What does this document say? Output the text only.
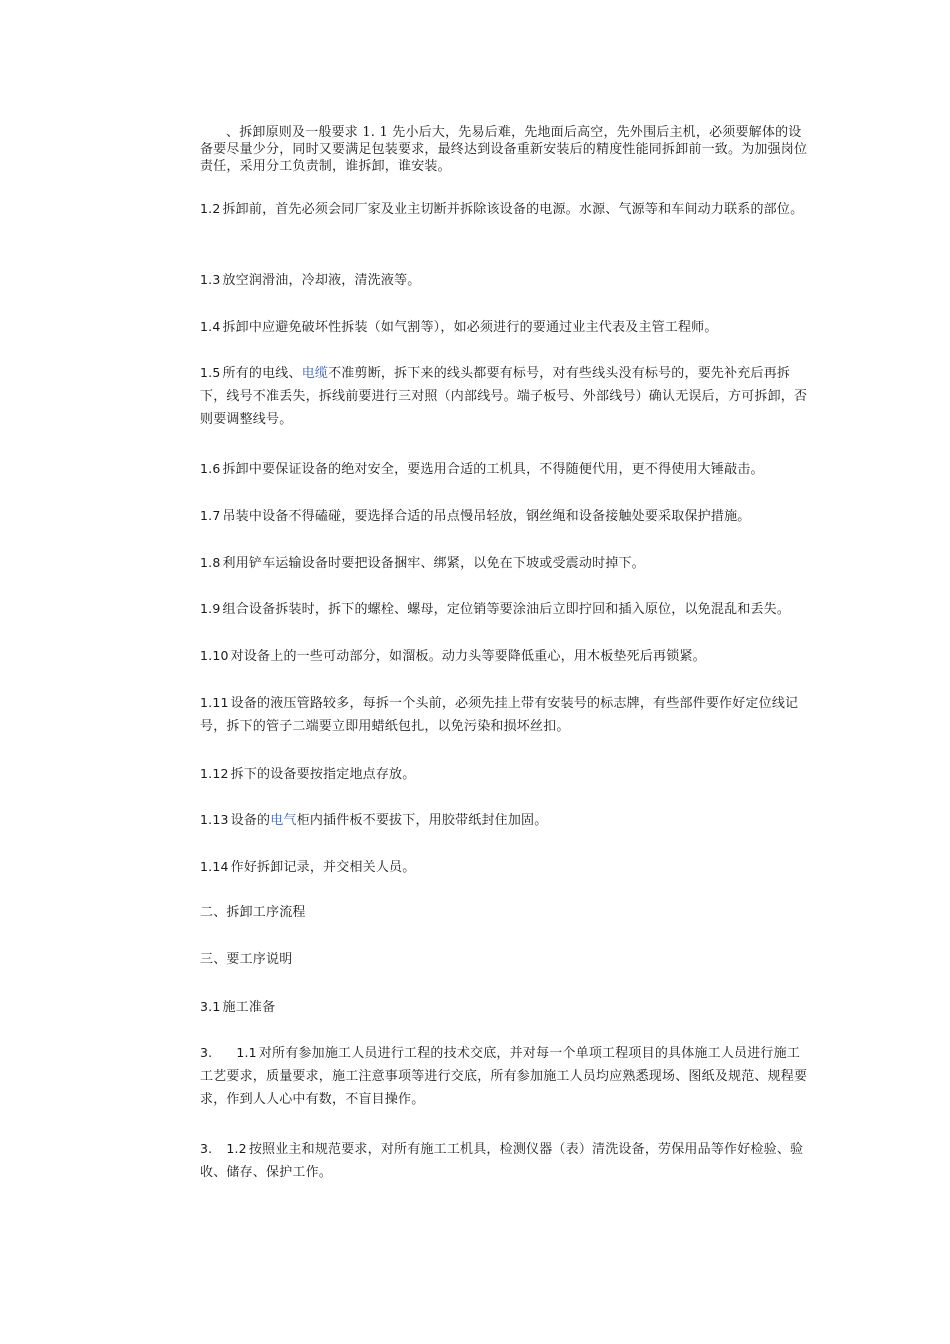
、拆卸原则及一般要求 1. 1 先小后大，先易后难，先地面后高空，先外围后主机，必须要解体的设备要尽量少分，同时又要满足包装要求，最终达到设备重新安装后的精度性能同拆卸前一致。为加强岗位责任，采用分工负责制，谁拆卸，谁安装。

1.2 拆卸前，首先必须会同厂家及业主切断并拆除该设备的电源。水源、气源等和车间动力联系的部位。

1.3 放空润滑油，冷却液，清洗液等。

1.4 拆卸中应避免破坏性拆装（如气割等），如必须进行的要通过业主代表及主管工程师。

1.5 所有的电线、电缆不准剪断，拆下来的线头都要有标号，对有些线头没有标号的，要先补充后再拆下，线号不准丢失，拆线前要进行三对照（内部线号。端子板号、外部线号）确认无误后，方可拆卸，否则要调整线号。

1.6 拆卸中要保证设备的绝对安全，要选用合适的工机具，不得随便代用，更不得使用大锤敲击。

1.7 吊装中设备不得磕碰，要选择合适的吊点慢吊轻放，钢丝绳和设备接触处要采取保护措施。

1.8 利用铲车运输设备时要把设备捆牢、绑紧，以免在下坡或受震动时掉下。

1.9 组合设备拆装时，拆下的螺栓、螺母，定位销等要涂油后立即拧回和插入原位，以免混乱和丢失。

1.10 对设备上的一些可动部分，如溜板。动力头等要降低重心，用木板垫死后再锁紧。

1.11 设备的液压管路较多，每拆一个头前，必须先挂上带有安装号的标志牌，有些部件要作好定位线记号，拆下的管子二端要立即用蜡纸包扎，以免污染和损坏丝扣。

1.12 拆下的设备要按指定地点存放。

1.13 设备的电气柜内插件板不要拔下，用胶带纸封住加固。

1.14 作好拆卸记录，并交相关人员。

二、拆卸工序流程

三、要工序说明

3.1 施工准备

3. 1.1 对所有参加施工人员进行工程的技术交底，并对每一个单项工程项目的具体施工人员进行施工工艺要求，质量要求，施工注意事项等进行交底，所有参加施工人员均应熟悉现场、图纸及规范、规程要求，作到人人心中有数，不盲目操作。

3. 1.2 按照业主和规范要求，对所有施工工机具，检测仪器（表）清洗设备，劳保用品等作好检验、验收、储存、保护工作。
